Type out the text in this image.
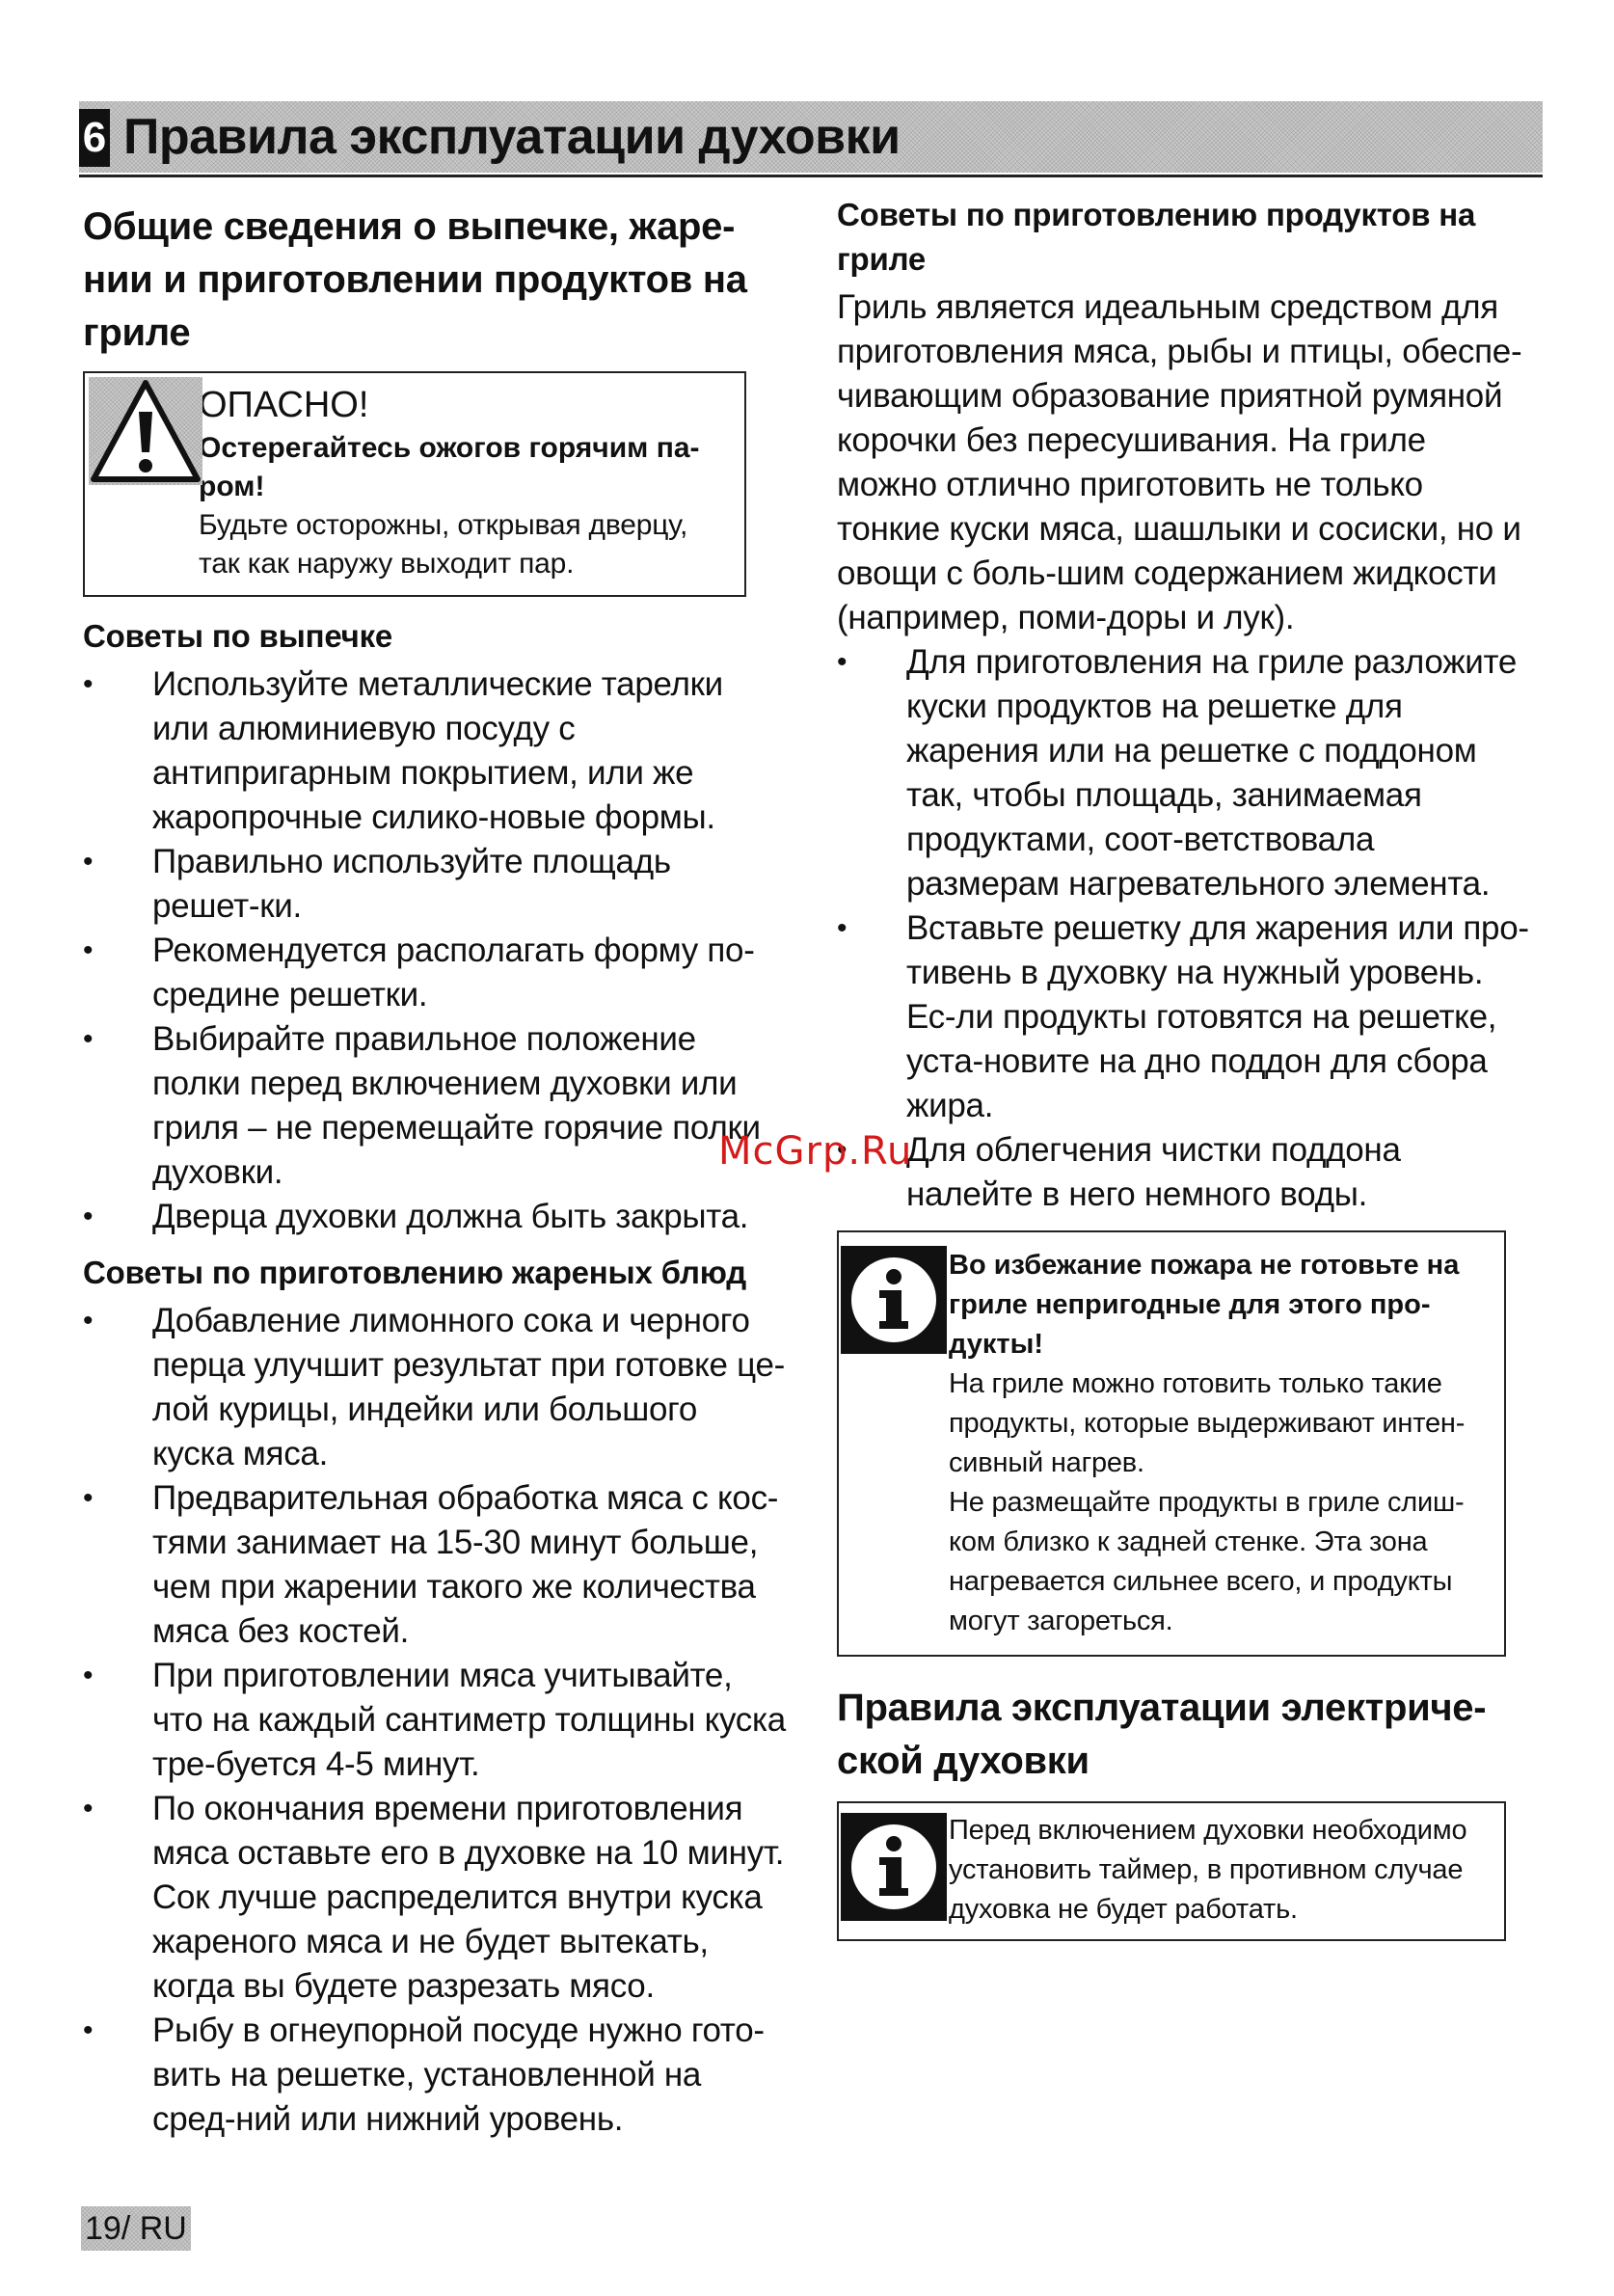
6 Правила эксплуатации духовки
Общие сведения о выпечке, жаре-нии и приготовлении продуктов на гриле
ОПАСНО!
Остерегайтесь ожогов горячим па-ром!
Будьте осторожны, открывая дверцу, так как наружу выходит пар.
Советы по выпечке
• Используйте металлические тарелки или алюминиевую посуду с антипригарным покрытием, или же жаропрочные силико-новые формы.
• Правильно используйте площадь решет-ки.
• Рекомендуется располагать форму по-средине решетки.
• Выбирайте правильное положение полки перед включением духовки или гриля – не перемещайте горячие полки духовки.
• Дверца духовки должна быть закрыта.
Советы по приготовлению жареных блюд
• Добавление лимонного сока и черного перца улучшит результат при готовке це-лой курицы, индейки или большого куска мяса.
• Предварительная обработка мяса с кос-тями занимает на 15-30 минут больше, чем при жарении такого же количества мяса без костей.
• При приготовлении мяса учитывайте, что на каждый сантиметр толщины куска тре-буется 4-5 минут.
• По окончания времени приготовления мяса оставьте его в духовке на 10 минут. Сок лучше распределится внутри куска жареного мяса и не будет вытекать, когда вы будете разрезать мясо.
• Рыбу в огнеупорной посуде нужно гото-вить на решетке, установленной на сред-ний или нижний уровень.
Советы по приготовлению продуктов на гриле

Гриль является идеальным средством для приготовления мяса, рыбы и птицы, обеспе-чивающим образование приятной румяной корочки без пересушивания. На гриле можно отлично приготовить не только тонкие куски мяса, шашлыки и сосиски, но и овощи с боль-шим содержанием жидкости (например, поми-доры и лук).

• Для приготовления на гриле разложите куски продуктов на решетке для жарения или на решетке с поддоном так, чтобы площадь, занимаемая продуктами, соот-ветствовала размерам нагревательного элемента.
• Вставьте решетку для жарения или про-тивень в духовку на нужный уровень. Ес-ли продукты готовятся на решетке, уста-новите на дно поддон для сбора жира.
• Для облегчения чистки поддона налейте в него немного воды.
Во избежание пожара не готовьте на гриле непригодные для этого про-дукты!
На гриле можно готовить только такие продукты, которые выдерживают интен-сивный нагрев.
Не размещайте продукты в гриле слиш-ком близко к задней стенке. Эта зона нагревается сильнее всего, и продукты могут загореться.
Правила эксплуатации электриче-ской духовки
Перед включением духовки необходимо установить таймер, в противном случае духовка не будет работать.
McGrp.Ru
19/ RU
